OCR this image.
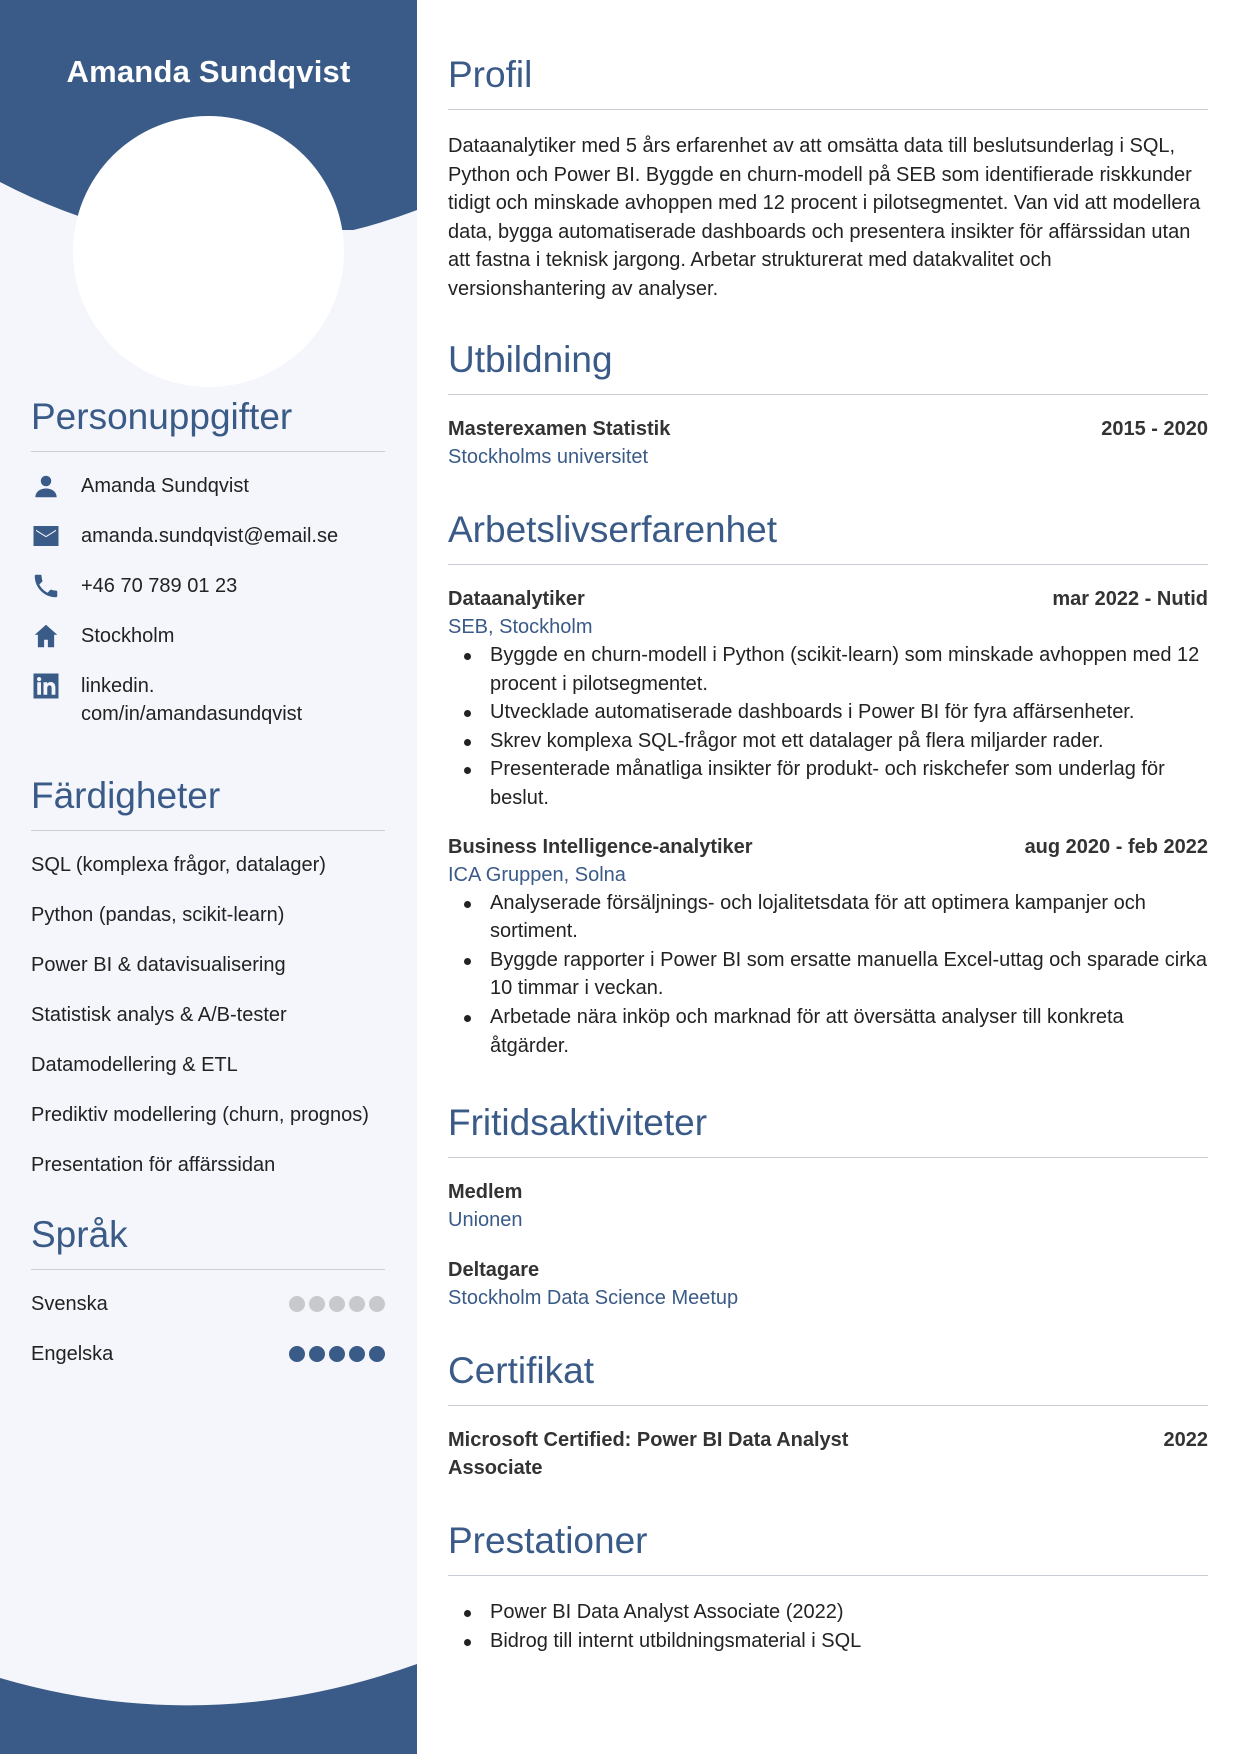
Amanda Sundqvist
Personuppgifter
Amanda Sundqvist
amanda.sundqvist@email.se
+46 70 789 01 23
Stockholm
linkedin.
com/in/amandasundqvist
Färdigheter
SQL (komplexa frågor, datalager)
Python (pandas, scikit-learn)
Power BI & datavisualisering
Statistisk analys & A/B-tester
Datamodellering & ETL
Prediktiv modellering (churn, prognos)
Presentation för affärssidan
Språk
Svenska
Engelska
Profil
Dataanalytiker med 5 års erfarenhet av att omsätta data till beslutsunderlag i SQL, Python och Power BI. Byggde en churn-modell på SEB som identifierade riskkunder tidigt och minskade avhoppen med 12 procent i pilotsegmentet. Van vid att modellera data, bygga automatiserade dashboards och presentera insikter för affärssidan utan att fastna i teknisk jargong. Arbetar strukturerat med datakvalitet och versionshantering av analyser.
Utbildning
Masterexamen Statistik	2015 - 2020
Stockholms universitet
Arbetslivserfarenhet
Dataanalytiker	mar 2022 - Nutid
SEB, Stockholm
Byggde en churn-modell i Python (scikit-learn) som minskade avhoppen med 12 procent i pilotsegmentet.
Utvecklade automatiserade dashboards i Power BI för fyra affärsenheter.
Skrev komplexa SQL-frågor mot ett datalager på flera miljarder rader.
Presenterade månatliga insikter för produkt- och riskchefer som underlag för beslut.
Business Intelligence-analytiker	aug 2020 - feb 2022
ICA Gruppen, Solna
Analyserade försäljnings- och lojalitetsdata för att optimera kampanjer och sortiment.
Byggde rapporter i Power BI som ersatte manuella Excel-uttag och sparade cirka 10 timmar i veckan.
Arbetade nära inköp och marknad för att översätta analyser till konkreta åtgärder.
Fritidsaktiviteter
Medlem
Unionen
Deltagare
Stockholm Data Science Meetup
Certifikat
Microsoft Certified: Power BI Data Analyst Associate
2022
Prestationer
Power BI Data Analyst Associate (2022)
Bidrog till internt utbildningsmaterial i SQL
